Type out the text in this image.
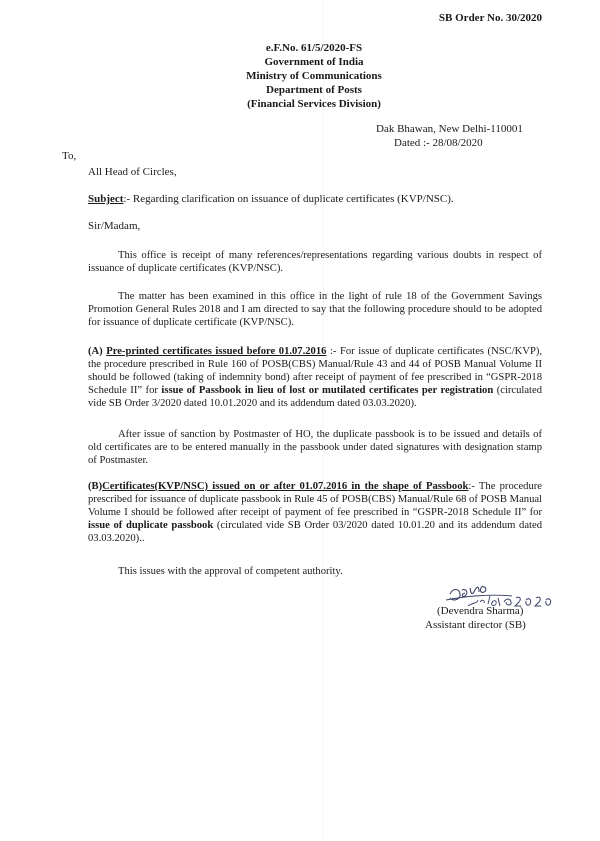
SB Order No. 30/2020
e.F.No. 61/5/2020-FS
Government of India
Ministry of Communications
Department of Posts
(Financial Services Division)
Dak Bhawan, New Delhi-110001
Dated :- 28/08/2020
To,
All Head of Circles,
Subject:- Regarding clarification on issuance of duplicate certificates (KVP/NSC).
Sir/Madam,
This office is receipt of many references/representations regarding various doubts in respect of issuance of duplicate certificates (KVP/NSC).
The matter has been examined in this office in the light of rule 18 of the Government Savings Promotion General Rules 2018 and I am directed to say that the following procedure should to be adopted for issuance of duplicate certificate (KVP/NSC).
(A) Pre-printed certificates issued before 01.07.2016 :- For issue of duplicate certificates (NSC/KVP), the procedure prescribed in Rule 160 of POSB(CBS) Manual/Rule 43 and 44 of POSB Manual Volume II should be followed (taking of indemnity bond) after receipt of payment of fee prescribed in “GSPR-2018 Schedule II” for issue of Passbook in lieu of lost or mutilated certificates per registration (circulated vide SB Order 3/2020 dated 10.01.2020 and its addendum dated 03.03.2020).
After issue of sanction by Postmaster of HO, the duplicate passbook is to be issued and details of old certificates are to be entered manually in the passbook under dated signatures with designation stamp of Postmaster.
(B)Certificates(KVP/NSC) issued on or after 01.07.2016 in the shape of Passbook:- The procedure prescribed for issuance of duplicate passbook in Rule 45 of POSB(CBS) Manual/Rule 68 of POSB Manual Volume I should be followed after receipt of payment of fee prescribed in “GSPR-2018 Schedule II” for issue of duplicate passbook (circulated vide SB Order 03/2020 dated 10.01.20 and its addendum dated 03.03.2020)..
This issues with the approval of competent authority.
(Devendra Sharma)
Assistant director (SB)
